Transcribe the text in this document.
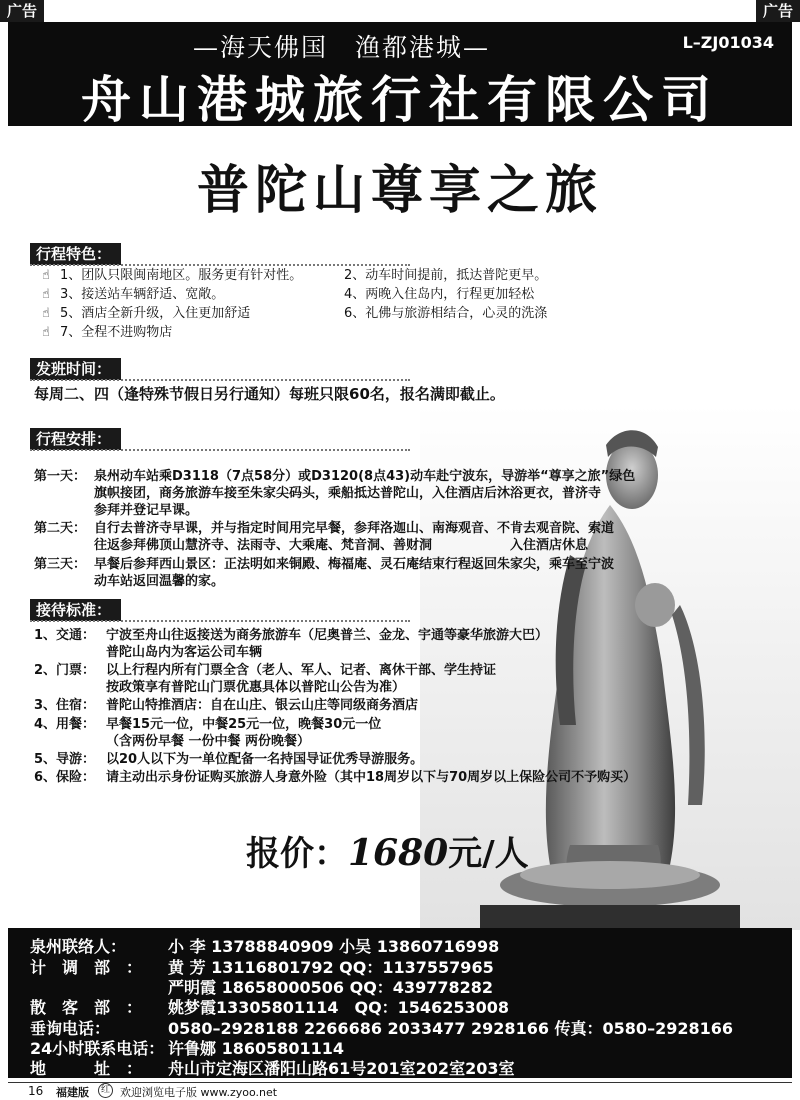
广告	广告
—海天佛国　渔都港城—	L–ZJ01034
舟山港城旅行社有限公司
普陀山尊享之旅
行程特色：
☝ 1、团队只限闽南地区。服务更有针对性。	2、动车时间提前，抵达普陀更早。
☝ 3、接送站车辆舒适、宽敞。	4、两晚入住岛内，行程更加轻松
☝ 5、酒店全新升级，入住更加舒适	6、礼佛与旅游相结合，心灵的洗涤
☝ 7、全程不进购物店
发班时间：
每周二、四（逢特殊节假日另行通知）每班只限60名，报名满即截止。
行程安排：
第一天： 泉州动车站乘D3118（7点58分）或D3120(8点43)动车赴宁波东，导游举“尊享之旅”绿色
旗帜接团，商务旅游车接至朱家尖码头，乘船抵达普陀山，入住酒店后沐浴更衣，普济寺
参拜并登记早课。
第二天： 自行去普济寺早课，并与指定时间用完早餐，参拜洛迦山、南海观音、不肯去观音院、索道
往返参拜佛顶山慧济寺、法雨寺、大乘庵、梵音洞、善财洞　　　　　　入住酒店休息
第三天： 早餐后参拜西山景区：正法明如来铜殿、梅福庵、灵石庵结束行程返回朱家尖，乘车至宁波
动车站返回温馨的家。
接待标准：
1、交通： 宁波至舟山往返接送为商务旅游车（尼奥普兰、金龙、宇通等豪华旅游大巴）
普陀山岛内为客运公司车辆
2、门票： 以上行程内所有门票全含（老人、军人、记者、离休干部、学生持证
按政策享有普陀山门票优惠具体以普陀山公告为准）
3、住宿： 普陀山特推酒店：自在山庄、银云山庄等同级商务酒店
4、用餐： 早餐15元一位，中餐25元一位，晚餐30元一位
（含两份早餐 一份中餐 两份晚餐）
5、导游： 以20人以下为一单位配备一名持国导证优秀导游服务。
6、保险： 请主动出示身份证购买旅游人身意外险（其中18周岁以下与70周岁以上保险公司不予购买）
报价：1680元/人
泉州联络人：	小 李 13788840909 小吴 13860716998
计　调　部　： 黄 芳 13116801792 QQ：1137557965
严明霞 18658000506 QQ：439778282
散　客　部　： 姚梦霞13305801114　QQ：1546253008
垂询电话：	0580–2928188 2266686 2033477 2928166 传真：0580–2928166
24小时联系电话： 许鲁娜 18605801114
地　　　址　： 舟山市定海区潘阳山路61号201室202室203室
16 福建版	红 欢迎浏览电子版 www.zyoo.net
